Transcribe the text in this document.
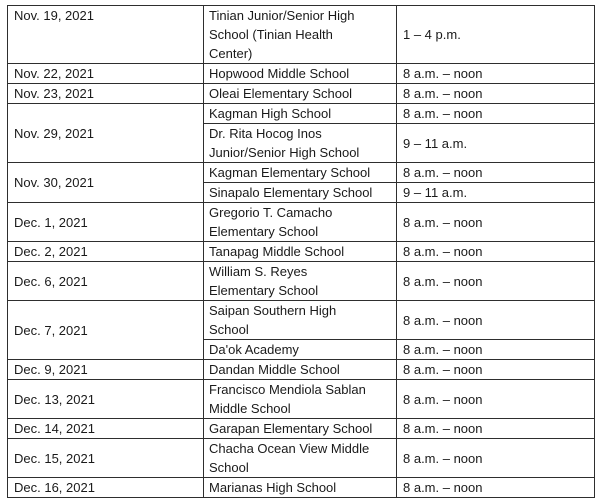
Nov. 19, 2021	Tinian Junior/Senior High
School (Tinian Health
Center)	1 – 4 p.m.
Nov. 22, 2021	Hopwood Middle School	8 a.m. – noon
Nov. 23, 2021	Oleai Elementary School	8 a.m. – noon
Nov. 29, 2021	Kagman High School	8 a.m. – noon

	Dr. Rita Hocog Inos
Junior/Senior High School	9 – 11 a.m.
Nov. 30, 2021	Kagman Elementary School	8 a.m. – noon

	Sinapalo Elementary School	9 – 11 a.m.
Dec. 1, 2021	Gregorio T. Camacho
Elementary School	8 a.m. – noon
Dec. 2, 2021	Tanapag Middle School	8 a.m. – noon
Dec. 6, 2021	William S. Reyes
Elementary School	8 a.m. – noon
Dec. 7, 2021	Saipan Southern High
School	8 a.m. – noon

	Da'ok Academy	8 a.m. – noon
Dec. 9, 2021	Dandan Middle School	8 a.m. – noon
Dec. 13, 2021	Francisco Mendiola Sablan
Middle School	8 a.m. – noon
Dec. 14, 2021	Garapan Elementary School	8 a.m. – noon
Dec. 15, 2021	Chacha Ocean View Middle
School	8 a.m. – noon
Dec. 16, 2021	Marianas High School	8 a.m. – noon
